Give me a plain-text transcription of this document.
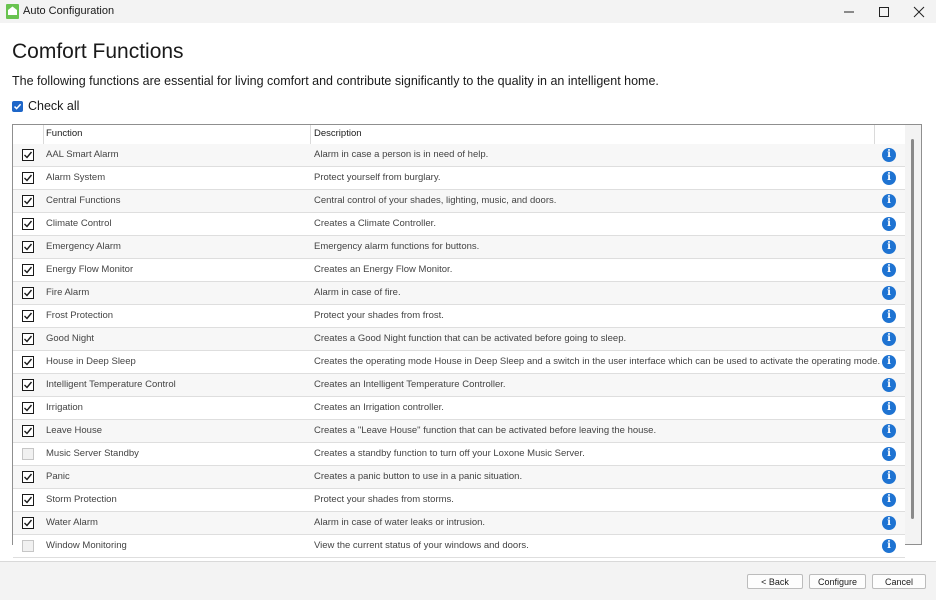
Auto Configuration
Comfort Functions

The following functions are essential for living comfort and contribute significantly to the quality in an intelligent home.

Check all
Function	Description
AAL Smart Alarm	Alarm in case a person is in need of help.	i
Alarm System	Protect yourself from burglary.	i
Central Functions	Central control of your shades, lighting, music, and doors.	i
Climate Control	Creates a Climate Controller.	i
Emergency Alarm	Emergency alarm functions for buttons.	i
Energy Flow Monitor	Creates an Energy Flow Monitor.	i
Fire Alarm	Alarm in case of fire.	i
Frost Protection	Protect your shades from frost.	i
Good Night	Creates a Good Night function that can be activated before going to sleep.	i
House in Deep Sleep	Creates the operating mode House in Deep Sleep and a switch in the user interface which can be used to activate the operating mode. i
Intelligent Temperature Control	Creates an Intelligent Temperature Controller.	i
Irrigation	Creates an Irrigation controller.	i
Leave House	Creates a "Leave House" function that can be activated before leaving the house.	i
Music Server Standby	Creates a standby function to turn off your Loxone Music Server.	i
Panic	Creates a panic button to use in a panic situation.	i
Storm Protection	Protect your shades from storms.	i
Water Alarm	Alarm in case of water leaks or intrusion.	i
Window Monitoring	View the current status of your windows and doors.	i
< Back	Configure	Cancel
